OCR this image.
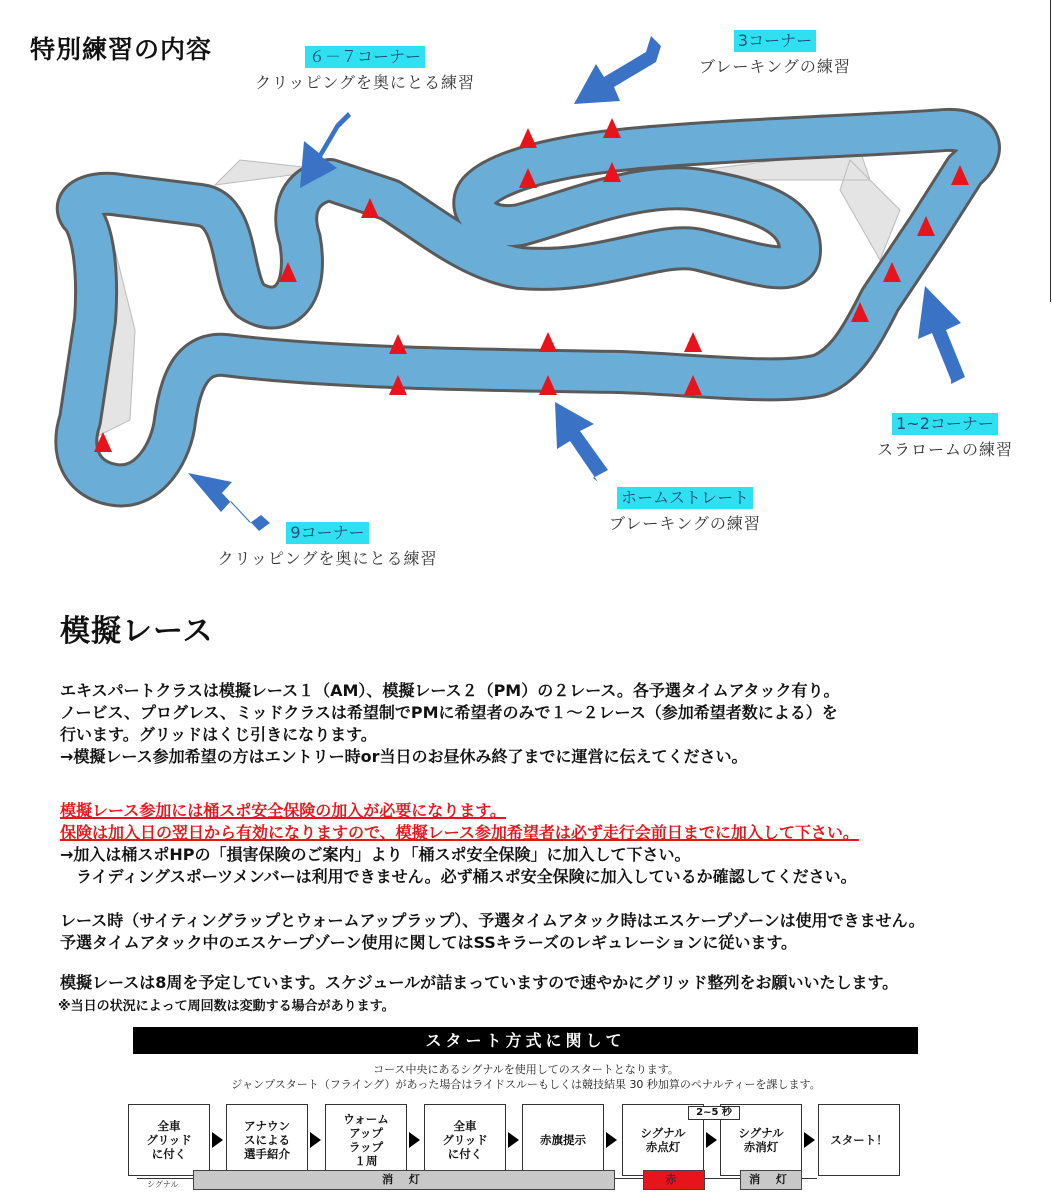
特別練習の内容	６－７コーナー
クリッピングを奥にとる練習
3コーナー
ブレーキングの練習
1~2コーナー
スラロームの練習
ホームストレート
ブレーキングの練習
9コーナー
クリッピングを奥にとる練習
模擬レース
エキスパートクラスは模擬レース１（AM）、模擬レース２（PM）の２レース。各予選タイムアタック有り。
ノービス、プログレス、ミッドクラスは希望制でPMに希望者のみで１～２レース（参加希望者数による）を
行います。グリッドはくじ引きになります。
→模擬レース参加希望の方はエントリー時or当日のお昼休み終了までに運営に伝えてください。
模擬レース参加には桶スポ安全保険の加入が必要になります。
保険は加入日の翌日から有効になりますので、模擬レース参加希望者は必ず走行会前日までに加入して下さい。
→加入は桶スポHPの「損害保険のご案内」より「桶スポ安全保険」に加入して下さい。
　ライディングスポーツメンバーは利用できません。必ず桶スポ安全保険に加入しているか確認してください。
レース時（サイティングラップとウォームアップラップ）、予選タイムアタック時はエスケープゾーンは使用できません。
予選タイムアタック中のエスケープゾーン使用に関してはSSキラーズのレギュレーションに従います。
模擬レースは8周を予定しています。スケジュールが詰まっていますので速やかにグリッド整列をお願いいたします。
※当日の状況によって周回数は変動する場合があります。
スタート方式に関して
コース中央にあるシグナルを使用してのスタートとなります。
ジャンプスタート（フライング）があった場合はライドスルーもしくは競技結果 30 秒加算のペナルティーを課します。
全車
グリッド
に付く
アナウン
スによる
選手紹介
ウォーム
アップ
ラップ
１周
全車
グリッド
に付く
赤旗提示	シグナル
赤点灯
シグナル
赤消灯	スタート！
2~5 秒
シグナル	消 灯	赤	消 灯
